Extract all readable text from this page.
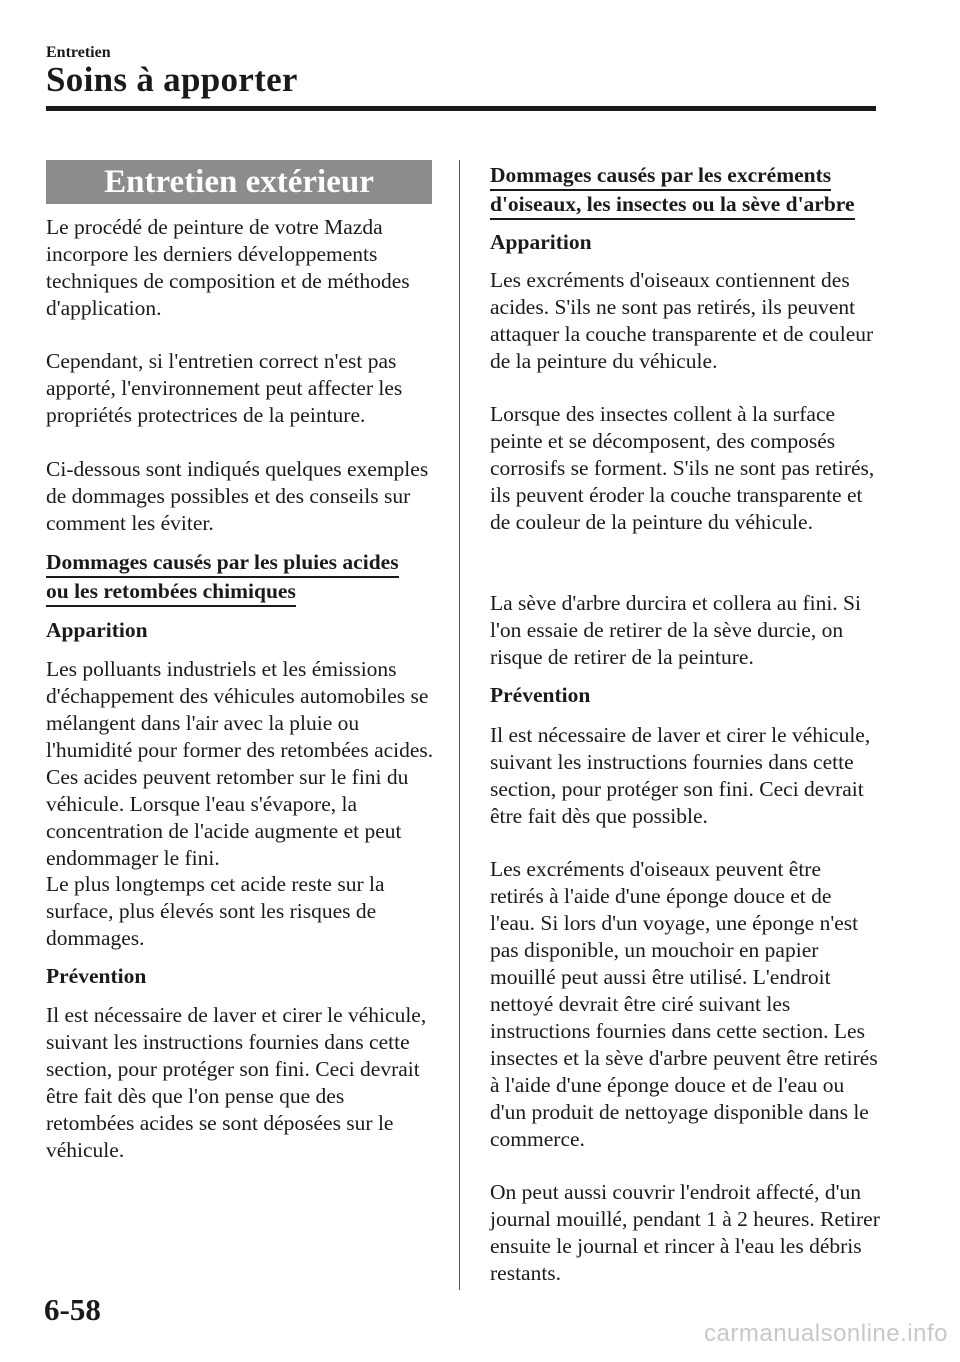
Entretien
Soins à apporter
Entretien extérieur

Le procédé de peinture de votre Mazda incorpore les derniers développements techniques de composition et de méthodes d'application.

Cependant, si l'entretien correct n'est pas apporté, l'environnement peut affecter les propriétés protectrices de la peinture.

Ci-dessous sont indiqués quelques exemples de dommages possibles et des conseils sur comment les éviter.

Dommages causés par les pluies acides
ou les retombées chimiques
Apparition

Les polluants industriels et les émissions d'échappement des véhicules automobiles se mélangent dans l'air avec la pluie ou l'humidité pour former des retombées acides. Ces acides peuvent retomber sur le fini du véhicule. Lorsque l'eau s'évapore, la concentration de l'acide augmente et peut endommager le fini.

Le plus longtemps cet acide reste sur la surface, plus élevés sont les risques de dommages.

Prévention

Il est nécessaire de laver et cirer le véhicule, suivant les instructions fournies dans cette section, pour protéger son fini. Ceci devrait être fait dès que l'on pense que des retombées acides se sont déposées sur le véhicule.

Dommages causés par les excréments
d'oiseaux, les insectes ou la sève d'arbre
Apparition

Les excréments d'oiseaux contiennent des acides. S'ils ne sont pas retirés, ils peuvent attaquer la couche transparente et de couleur de la peinture du véhicule.

Lorsque des insectes collent à la surface peinte et se décomposent, des composés corrosifs se forment. S'ils ne sont pas retirés, ils peuvent éroder la couche transparente et de couleur de la peinture du véhicule.

La sève d'arbre durcira et collera au fini. Si l'on essaie de retirer de la sève durcie, on risque de retirer de la peinture.

Prévention

Il est nécessaire de laver et cirer le véhicule, suivant les instructions fournies dans cette section, pour protéger son fini. Ceci devrait être fait dès que possible.

Les excréments d'oiseaux peuvent être retirés à l'aide d'une éponge douce et de l'eau. Si lors d'un voyage, une éponge n'est pas disponible, un mouchoir en papier mouillé peut aussi être utilisé. L'endroit nettoyé devrait être ciré suivant les instructions fournies dans cette section. Les insectes et la sève d'arbre peuvent être retirés à l'aide d'une éponge douce et de l'eau ou d'un produit de nettoyage disponible dans le commerce.

On peut aussi couvrir l'endroit affecté, d'un journal mouillé, pendant 1 à 2 heures. Retirer ensuite le journal et rincer à l'eau les débris restants.

6-58
carmanualsonline.info
